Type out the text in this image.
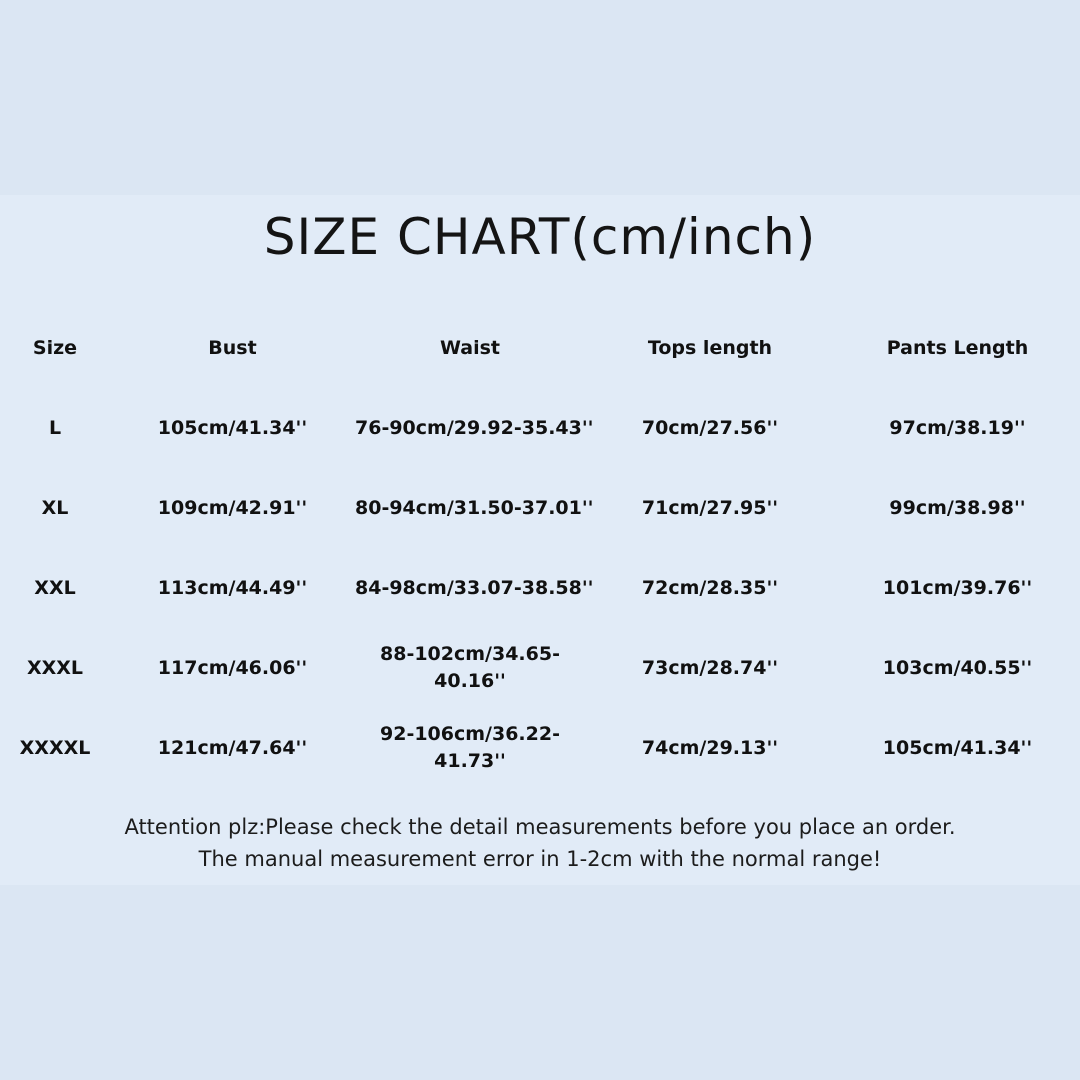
SIZE CHART(cm/inch)
Size	Bust	Waist	Tops length	Pants Length
L	105cm/41.34''	76-90cm/29.92-35.43''	70cm/27.56''	97cm/38.19''
XL	109cm/42.91''	80-94cm/31.50-37.01''	71cm/27.95''	99cm/38.98''
XXL	113cm/44.49''	84-98cm/33.07-38.58''	72cm/28.35''	101cm/39.76''
XXXL	117cm/46.06''	88-102cm/34.65-40.16''	73cm/28.74''	103cm/40.55''
XXXXL	121cm/47.64''	92-106cm/36.22-41.73''	74cm/29.13''	105cm/41.34''

Attention plz:Please check the detail measurements before you place an order.

The manual measurement error in 1-2cm with the normal range!
